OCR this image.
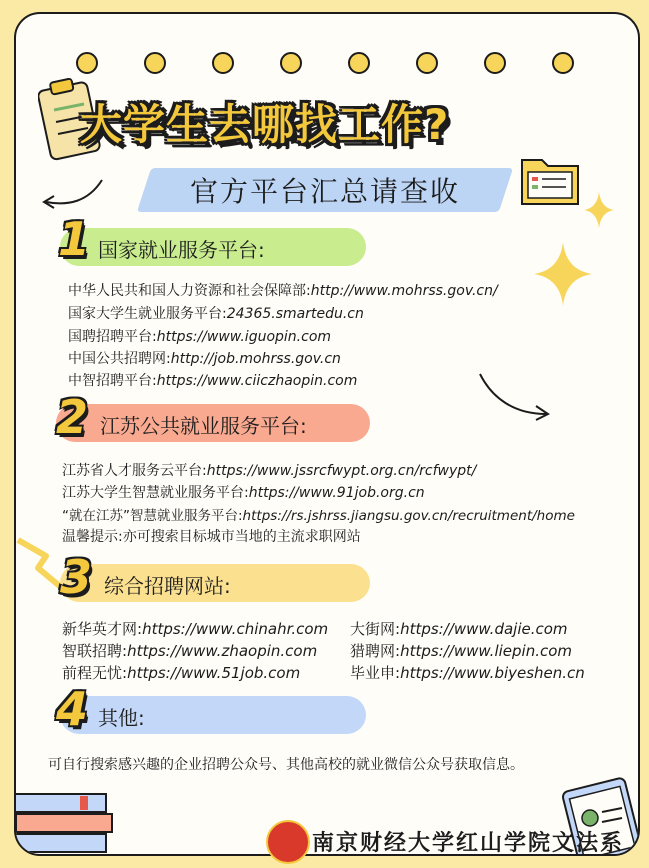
大学生去哪找工作?
官方平台汇总请查收
1 国家就业服务平台:
中华人民共和国人力资源和社会保障部:http://www.mohrss.gov.cn/
国家大学生就业服务平台:24365.smartedu.cn
国聘招聘平台:https://www.iguopin.com
中国公共招聘网:http://job.mohrss.gov.cn
中智招聘平台:https://www.ciiczhaopin.com
2 江苏公共就业服务平台:
江苏省人才服务云平台:https://www.jssrcfwypt.org.cn/rcfwypt/
江苏大学生智慧就业服务平台:https://www.91job.org.cn
“就在江苏”智慧就业服务平台:https://rs.jshrss.jiangsu.gov.cn/recruitment/home
温馨提示:亦可搜索目标城市当地的主流求职网站
3 综合招聘网站:
新华英才网:https://www.chinahr.com
智联招聘:https://www.zhaopin.com
前程无忧:https://www.51job.com
大街网:https://www.dajie.com
猎聘网:https://www.liepin.com
毕业申:https://www.biyeshen.cn
4 其他:
可自行搜索感兴趣的企业招聘公众号、其他高校的就业微信公众号获取信息。
南京财经大学红山学院文法系
